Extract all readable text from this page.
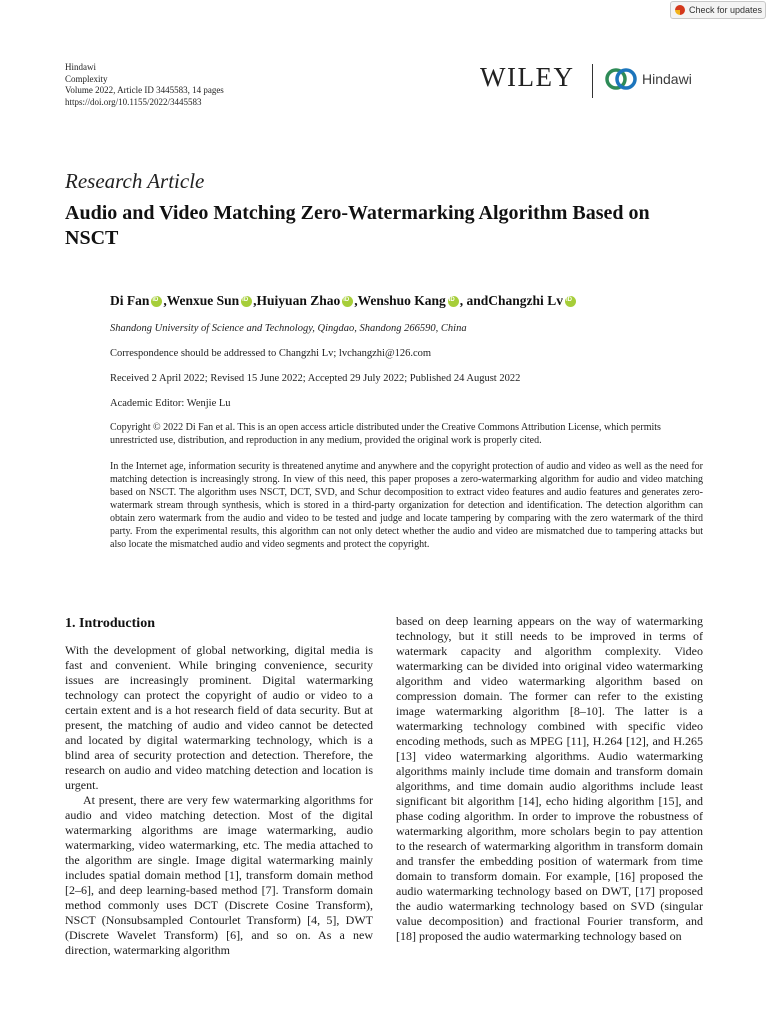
Check for updates
Hindawi
Complexity
Volume 2022, Article ID 3445583, 14 pages
https://doi.org/10.1155/2022/3445583
WILEY	Hindawi
Research Article
Audio and Video Matching Zero-Watermarking Algorithm Based on NSCT
Di Fan iD , Wenxue Sun iD , Huiyuan Zhao iD , Wenshuo Kang iD , and Changzhi Lv
iD
Shandong University of Science and Technology, Qingdao, Shandong 266590, China
Correspondence should be addressed to Changzhi Lv; lvchangzhi@126.com
Received 2 April 2022; Revised 15 June 2022; Accepted 29 July 2022; Published 24 August 2022
Academic Editor: Wenjie Lu
Copyright © 2022 Di Fan et al. This is an open access article distributed under the Creative Commons Attribution License, which permits unrestricted use, distribution, and reproduction in any medium, provided the original work is properly cited.
In the Internet age, information security is threatened anytime and anywhere and the copyright protection of audio and video as well as the need for matching detection is increasingly strong. In view of this need, this paper proposes a zero-watermarking algorithm for audio and video matching based on NSCT. The algorithm uses NSCT, DCT, SVD, and Schur decomposition to extract video features and audio features and generates zero-watermark stream through synthesis, which is stored in a third-party organization for detection and identification. The detection algorithm can obtain zero watermark from the audio and video to be tested and judge and locate tampering by comparing with the zero watermark of the third party. From the experimental results, this algorithm can not only detect whether the audio and video are mismatched due to tampering attacks but also locate the mismatched audio and video segments and protect the copyright.
1. Introduction

With the development of global networking, digital media is fast and convenient. While bringing convenience, security issues are increasingly prominent. Digital watermarking technology can protect the copyright of audio or video to a certain extent and is a hot research field of data security. But at present, the matching of audio and video cannot be detected and located by digital watermarking technology, which is a blind area of security protection and detection. Therefore, the research on audio and video matching detection and location is urgent.

At present, there are very few watermarking algorithms for audio and video matching detection. Most of the digital watermarking algorithms are image watermarking, audio watermarking, video watermarking, etc. The media attached to the algorithm are single. Image digital watermarking mainly includes spatial domain method [1], transform domain method [2–6], and deep learning-based method [7]. Transform domain method commonly uses DCT (Discrete Cosine Transform), NSCT (Nonsubsampled Contourlet Transform) [4, 5], DWT (Discrete Wavelet Transform) [6], and so on. As a new direction, watermarking algorithm

based on deep learning appears on the way of watermarking technology, but it still needs to be improved in terms of watermark capacity and algorithm complexity. Video watermarking can be divided into original video watermarking algorithm and video watermarking algorithm based on compression domain. The former can refer to the existing image watermarking algorithm [8–10]. The latter is a watermarking technology combined with specific video encoding methods, such as MPEG [11], H.264 [12], and H.265 [13] video watermarking algorithms. Audio watermarking algorithms mainly include time domain and transform domain algorithms, and time domain audio algorithms include least significant bit algorithm [14], echo hiding algorithm [15], and phase coding algorithm. In order to improve the robustness of watermarking algorithm, more scholars begin to pay attention to the research of watermarking algorithm in transform domain and transfer the embedding position of watermark from time domain to transform domain. For example, [16] proposed the audio watermarking technology based on DWT, [17] proposed the audio watermarking technology based on SVD (singular value decomposition) and fractional Fourier transform, and [18] proposed the audio watermarking technology based on
